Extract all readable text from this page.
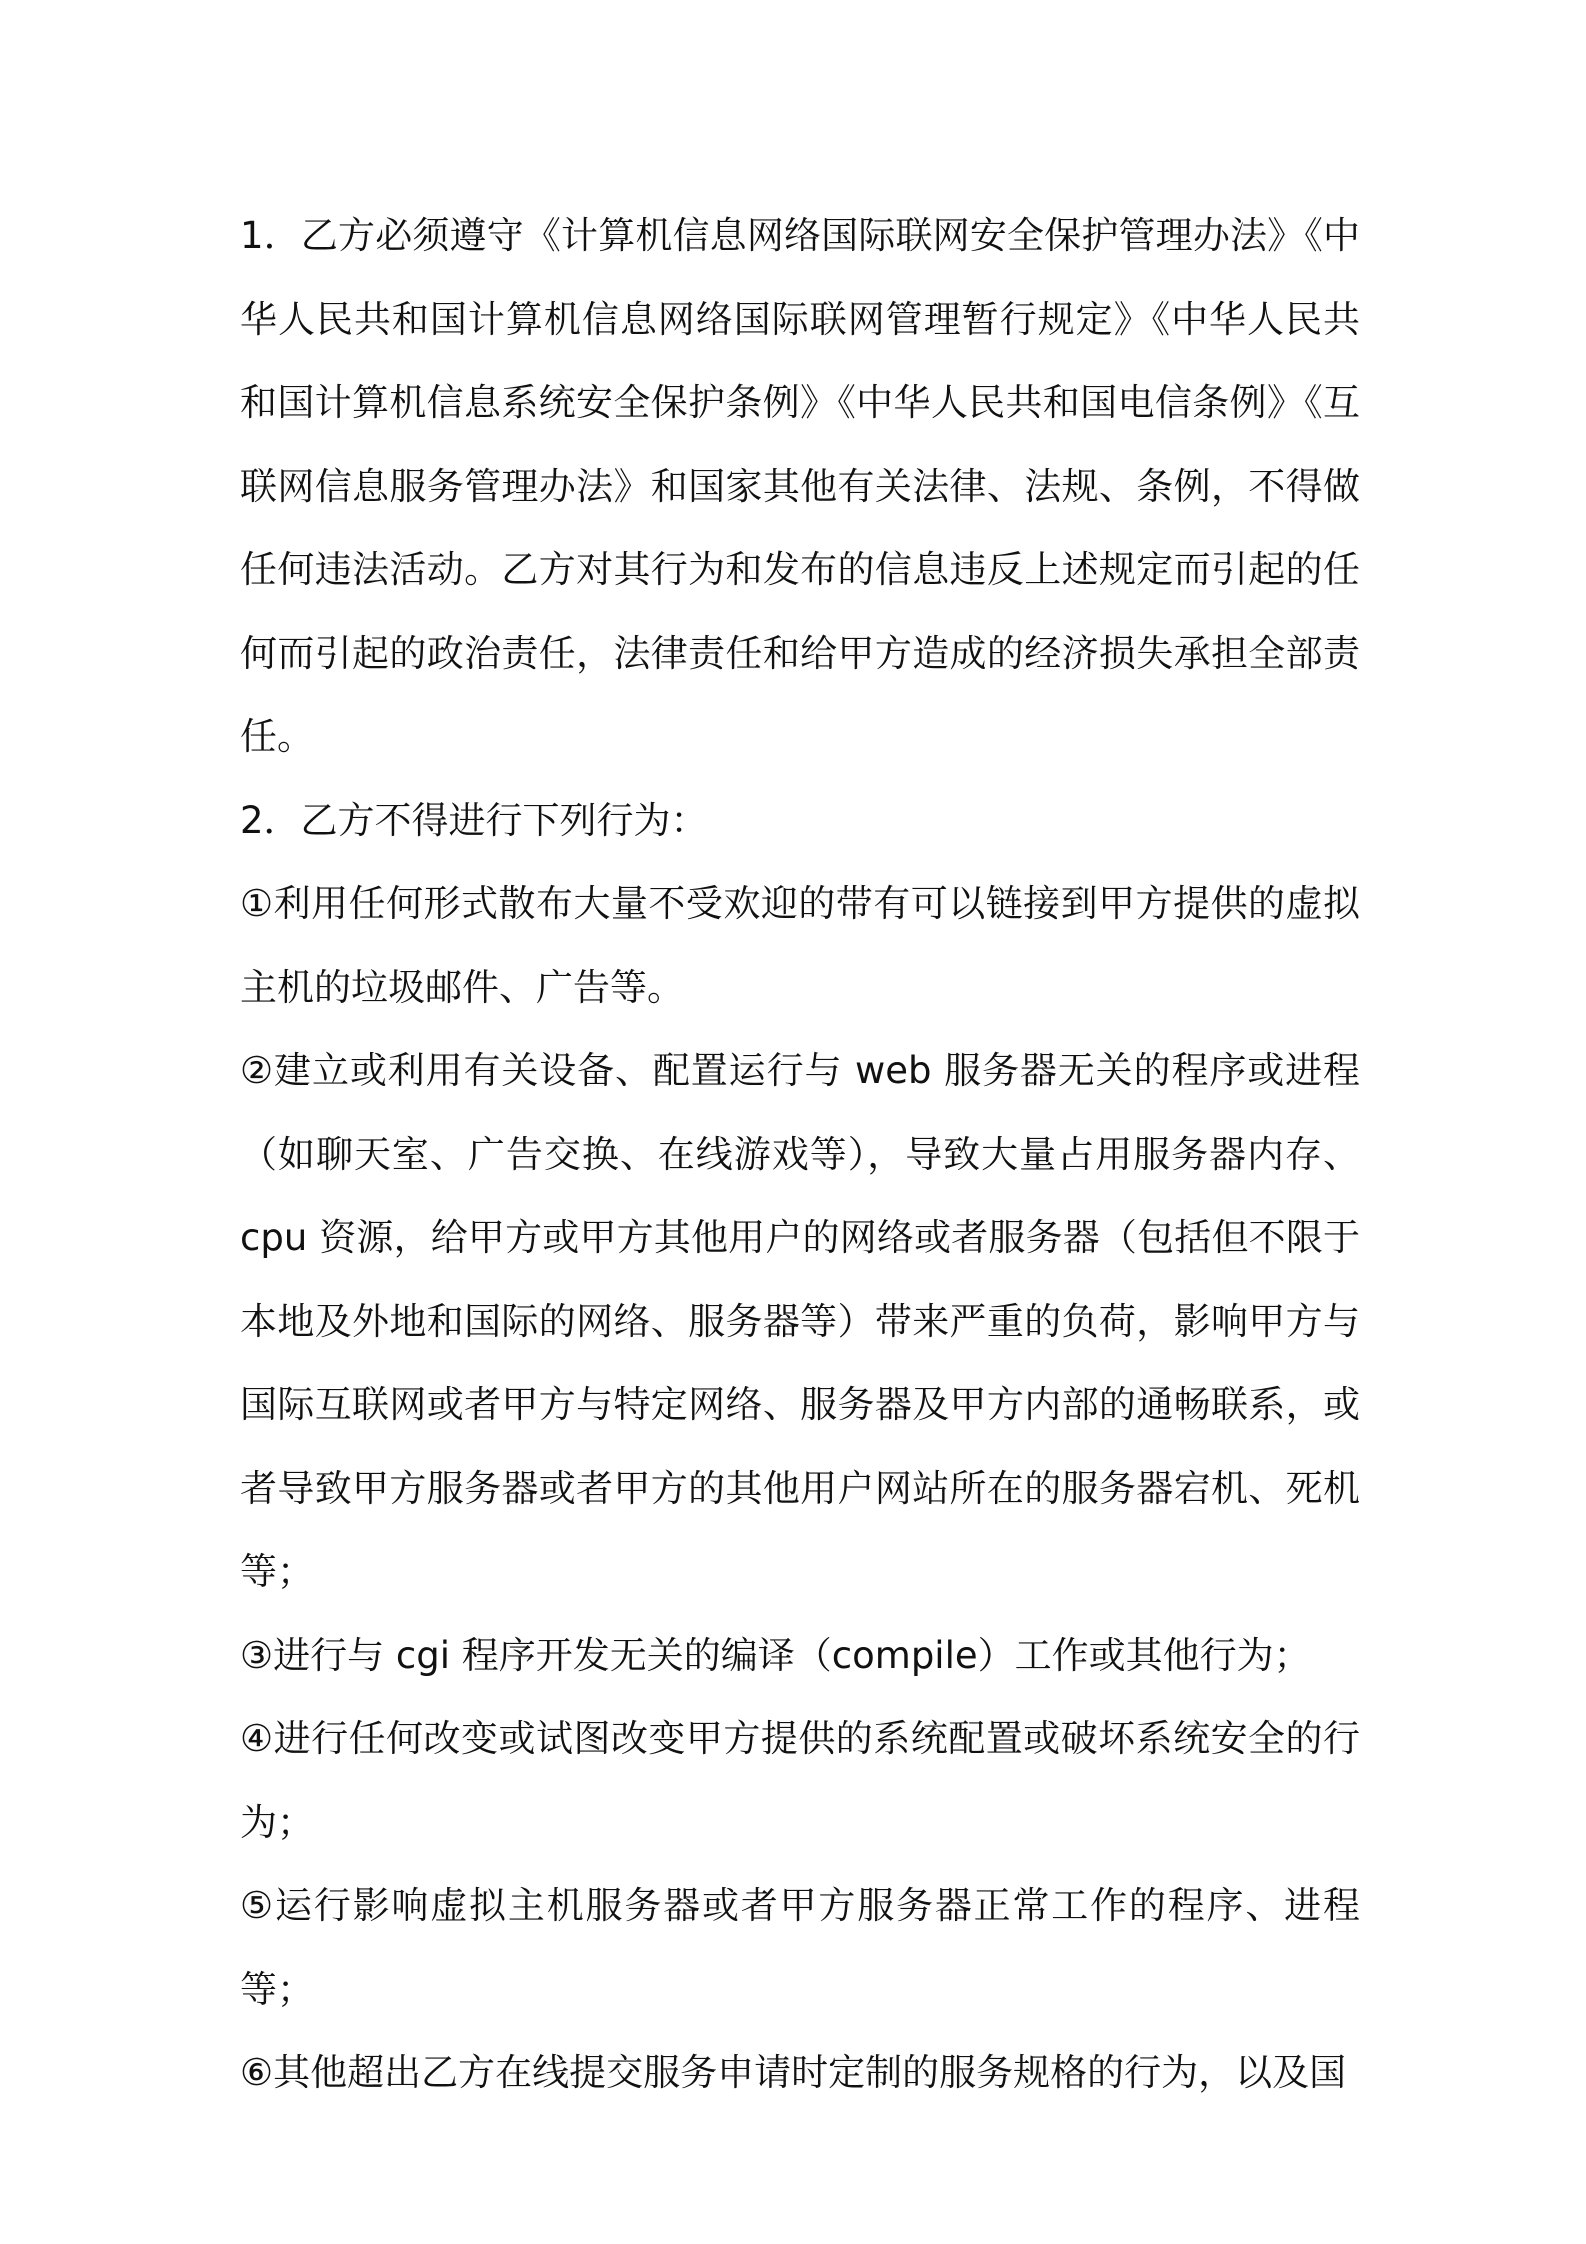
1．乙方必须遵守《计算机信息网络国际联网安全保护管理办法》《中华人民共和国计算机信息网络国际联网管理暂行规定》《中华人民共和国计算机信息系统安全保护条例》《中华人民共和国电信条例》《互联网信息服务管理办法》和国家其他有关法律、法规、条例，不得做任何违法活动。乙方对其行为和发布的信息违反上述规定而引起的任何而引起的政治责任，法律责任和给甲方造成的经济损失承担全部责任。

2．乙方不得进行下列行为：

①利用任何形式散布大量不受欢迎的带有可以链接到甲方提供的虚拟主机的垃圾邮件、广告等。

②建立或利用有关设备、配置运行与 web 服务器无关的程序或进程（如聊天室、广告交换、在线游戏等），导致大量占用服务器内存、cpu 资源，给甲方或甲方其他用户的网络或者服务器（包括但不限于本地及外地和国际的网络、服务器等）带来严重的负荷，影响甲方与国际互联网或者甲方与特定网络、服务器及甲方内部的通畅联系，或者导致甲方服务器或者甲方的其他用户网站所在的服务器宕机、死机等；

③进行与 cgi 程序开发无关的编译（compile）工作或其他行为；

④进行任何改变或试图改变甲方提供的系统配置或破坏系统安全的行为；

⑤运行影响虚拟主机服务器或者甲方服务器正常工作的程序、进程等；

⑥其他超出乙方在线提交服务申请时定制的服务规格的行为，以及国
